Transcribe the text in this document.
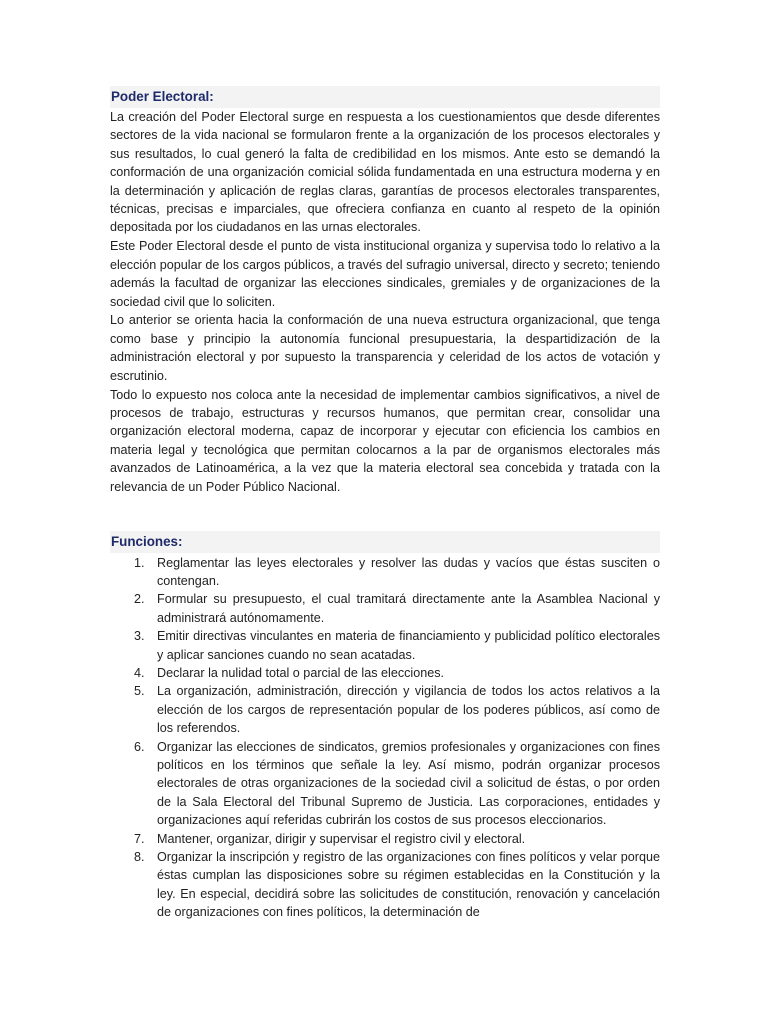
Poder Electoral:

La creación del Poder Electoral surge en respuesta a los cuestionamientos que desde diferentes sectores de la vida nacional se formularon frente a la organización de los procesos electorales y sus resultados, lo cual generó la falta de credibilidad en los mismos. Ante esto se demandó la conformación de una organización comicial sólida fundamentada en una estructura moderna y en la determinación y aplicación de reglas claras, garantías de procesos electorales transparentes, técnicas, precisas e imparciales, que ofreciera confianza en cuanto al respeto de la opinión depositada por los ciudadanos en las urnas electorales.

Este Poder Electoral desde el punto de vista institucional organiza y supervisa todo lo relativo a la elección popular de los cargos públicos, a través del sufragio universal, directo y secreto; teniendo además la facultad de organizar las elecciones sindicales, gremiales y de organizaciones de la sociedad civil que lo soliciten.

Lo anterior se orienta hacia la conformación de una nueva estructura organizacional, que tenga como base y principio la autonomía funcional presupuestaria, la despartidización de la administración electoral y por supuesto la transparencia y celeridad de los actos de votación y escrutinio.

Todo lo expuesto nos coloca ante la necesidad de implementar cambios significativos, a nivel de procesos de trabajo, estructuras y recursos humanos, que permitan crear, consolidar una organización electoral moderna, capaz de incorporar y ejecutar con eficiencia los cambios en materia legal y tecnológica que permitan colocarnos a la par de organismos electorales más avanzados de Latinoamérica, a la vez que la materia electoral sea concebida y tratada con la relevancia de un Poder Público Nacional.

Funciones:
1. Reglamentar las leyes electorales y resolver las dudas y vacíos que éstas susciten o contengan.
2. Formular su presupuesto, el cual tramitará directamente ante la Asamblea Nacional y administrará autónomamente.
3. Emitir directivas vinculantes en materia de financiamiento y publicidad político electorales y aplicar sanciones cuando no sean acatadas.
4. Declarar la nulidad total o parcial de las elecciones.
5. La organización, administración, dirección y vigilancia de todos los actos relativos a la elección de los cargos de representación popular de los poderes públicos, así como de los referendos.
6. Organizar las elecciones de sindicatos, gremios profesionales y organizaciones con fines políticos en los términos que señale la ley. Así mismo, podrán organizar procesos electorales de otras organizaciones de la sociedad civil a solicitud de éstas, o por orden de la Sala Electoral del Tribunal Supremo de Justicia. Las corporaciones, entidades y organizaciones aquí referidas cubrirán los costos de sus procesos eleccionarios.
7. Mantener, organizar, dirigir y supervisar el registro civil y electoral.
8. Organizar la inscripción y registro de las organizaciones con fines políticos y velar porque éstas cumplan las disposiciones sobre su régimen establecidas en la Constitución y la ley. En especial, decidirá sobre las solicitudes de constitución, renovación y cancelación de organizaciones con fines políticos, la determinación de
